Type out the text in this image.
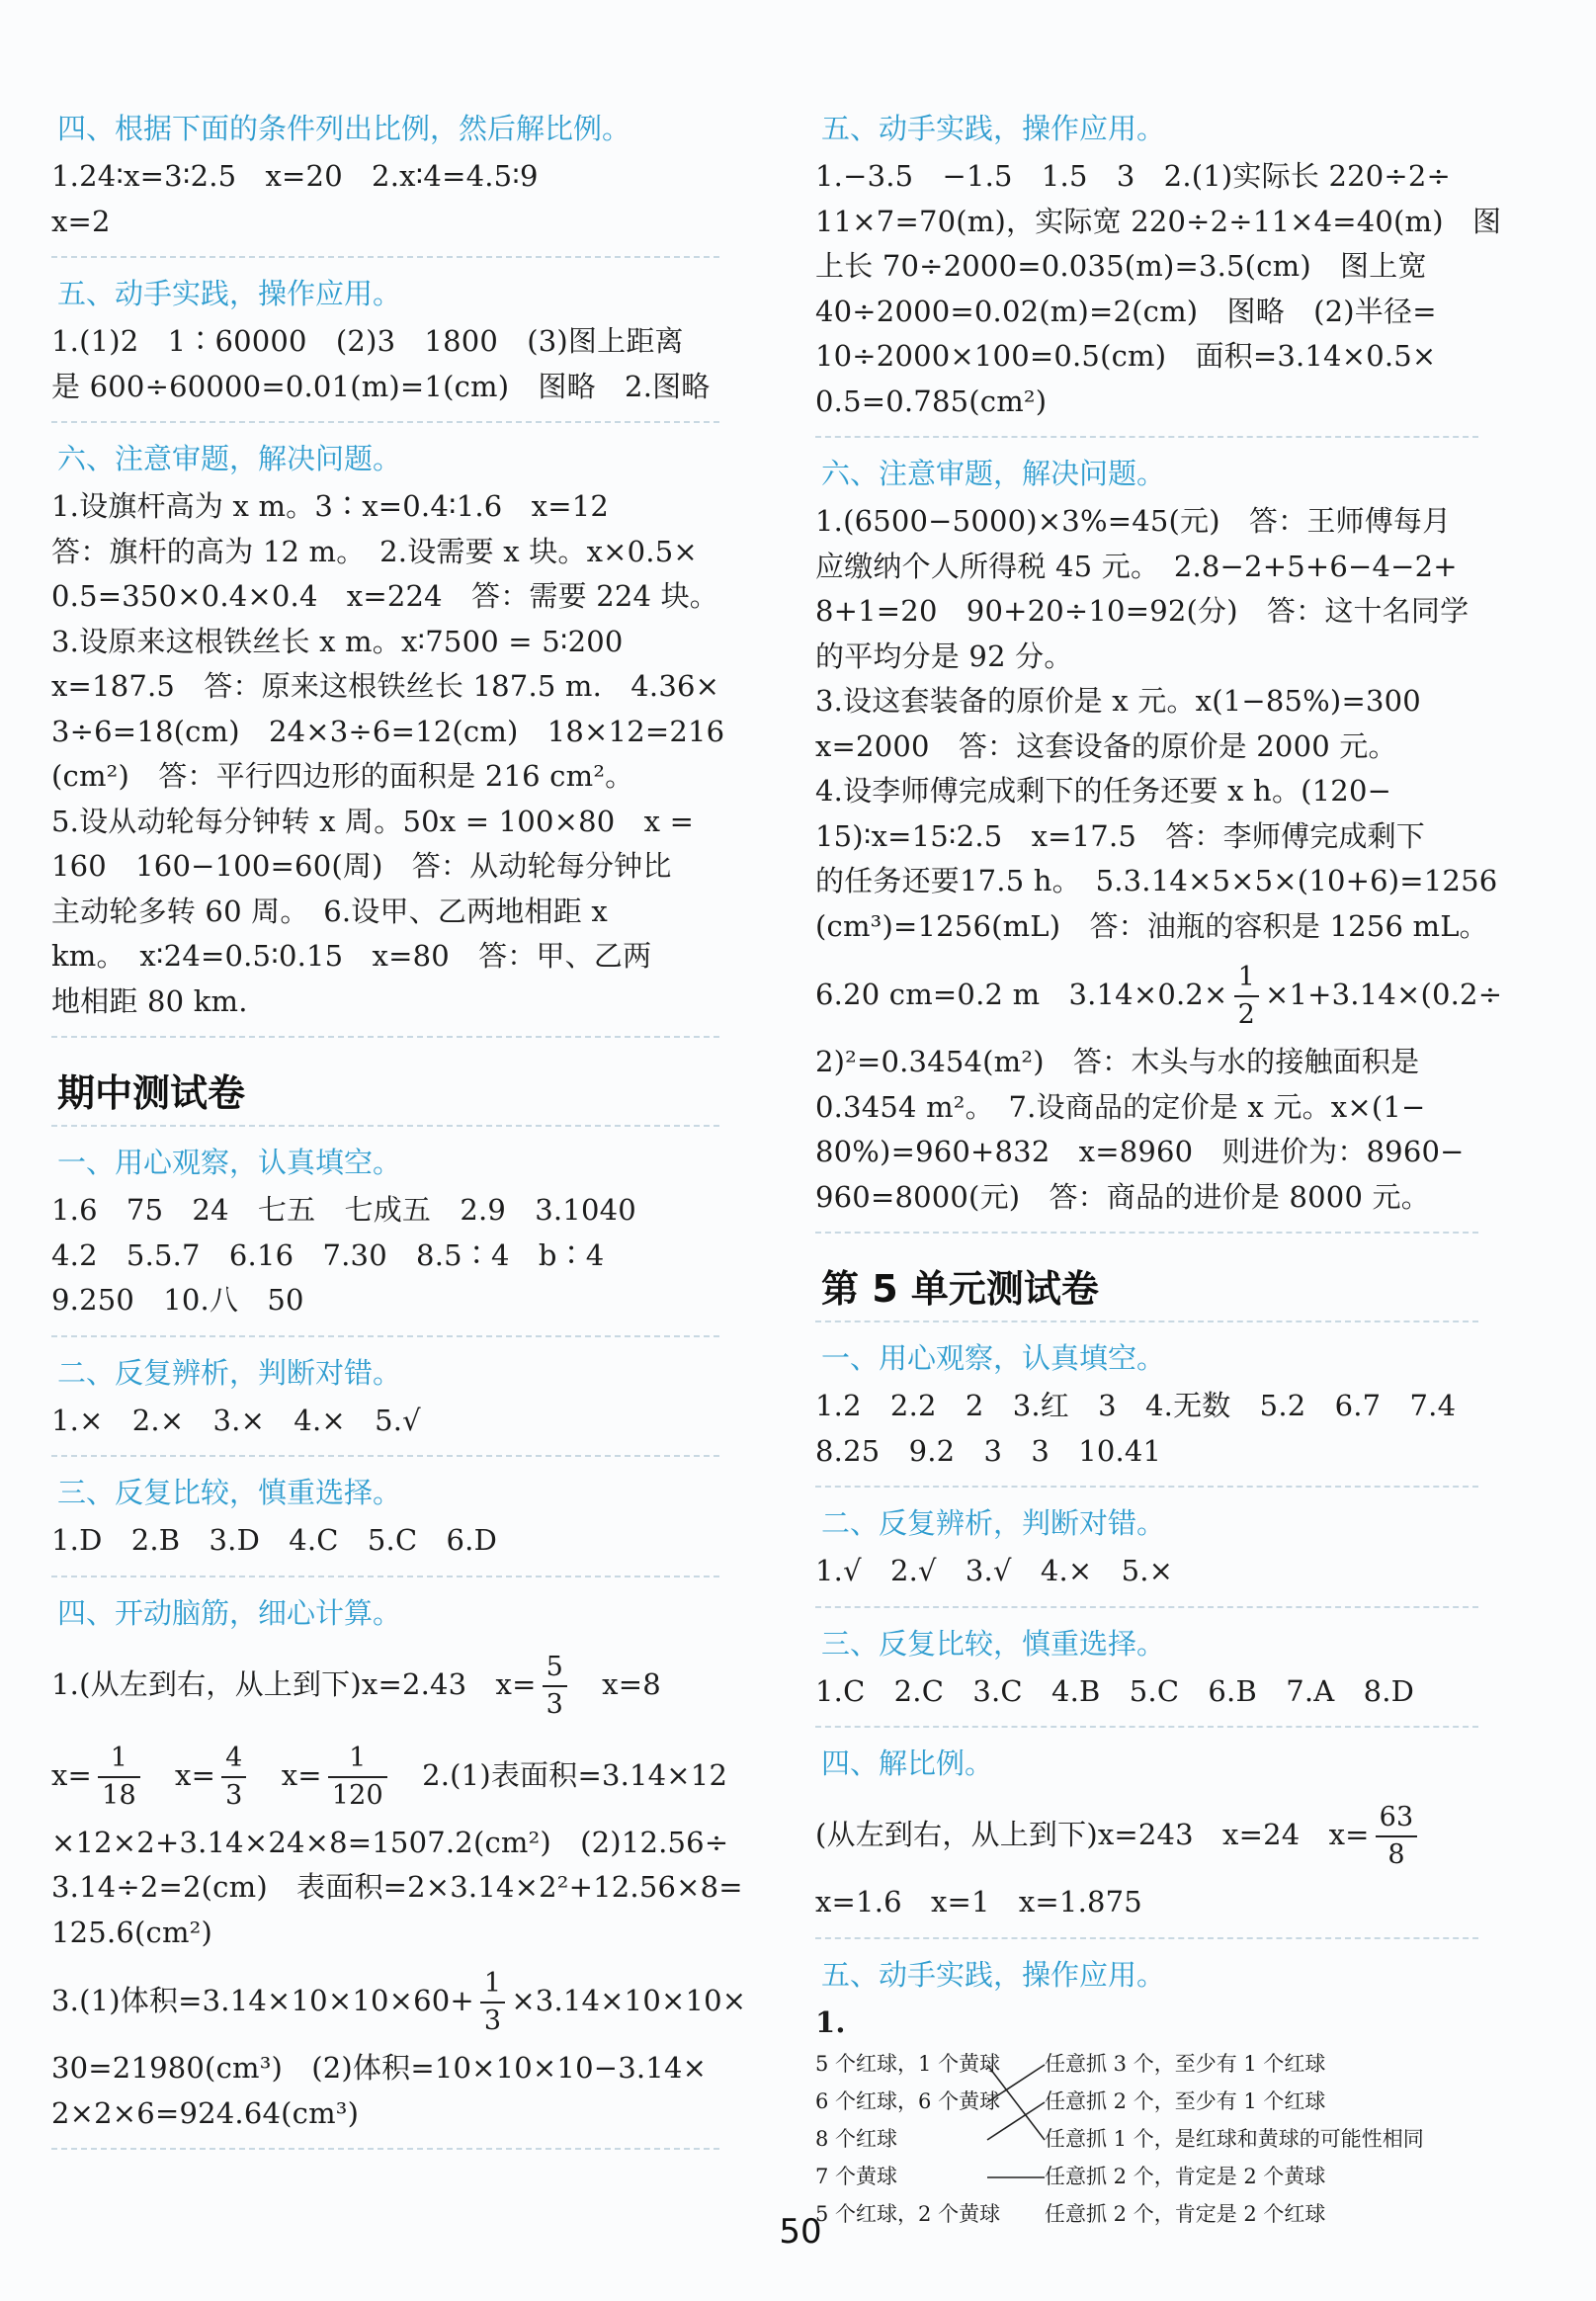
四、根据下面的条件列出比例，然后解比例。
1.24∶x=3∶2.5　x=20　2.x∶4=4.5∶9
x=2
五、动手实践，操作应用。
1.(1)2　1∶60000　(2)3　1800　(3)图上距离
是 600÷60000=0.01(m)=1(cm)　图略　2.图略
六、注意审题，解决问题。
1.设旗杆高为 x m。3∶x=0.4∶1.6　x=12
答：旗杆的高为 12 m。　2.设需要 x 块。x×0.5×
0.5=350×0.4×0.4　x=224　答：需要 224 块。
3.设原来这根铁丝长 x m。x∶7500 = 5∶200
x=187.5　答：原来这根铁丝长 187.5 m.　4.36×
3÷6=18(cm)　24×3÷6=12(cm)　18×12=216
(cm²)　答：平行四边形的面积是 216 cm²。
5.设从动轮每分钟转 x 周。50x = 100×80　x =
160　160−100=60(周)　答：从动轮每分钟比
主动轮多转 60 周。　6.设甲、乙两地相距 x
km。　x∶24=0.5∶0.15　x=80　答：甲、乙两
地相距 80 km.
期中测试卷
一、用心观察，认真填空。
1.6　75　24　七五　七成五　2.9　3.1040
4.2　5.5.7　6.16　7.30　8.5∶4　b∶4
9.250　10.八　50
二、反复辨析，判断对错。
1.×　2.×　3.×　4.×　5.√
三、反复比较，慎重选择。
1.D　2.B　3.D　4.C　5.C　6.D
四、开动脑筋，细心计算。
1.(从左到右，从上到下)x=2.43　$x= \frac{5}{3}$
　 x=8
$x= \frac{1}{18}$
　 $x= \frac{4}{3}$
　 $x= \frac{1}{120}$
　 2.(1)表面积=3.14×12
×12×2+3.14×24×8=1507.2(cm²)　(2)12.56÷
3.14÷2=2(cm)　表面积=2×3.14×2²+12.56×8=
125.6(cm²)
3.(1)体积$=3.14\times 10\times 10\times 60+ \frac{1}{3} \times 3.14\times 10\times 10\times$
30=21980(cm³)　(2)体积=10×10×10−3.14×
2×2×6=924.64(cm³)
五、动手实践，操作应用。
1.−3.5　−1.5　1.5　3　2.(1)实际长 220÷2÷
11×7=70(m)，实际宽 220÷2÷11×4=40(m)　图
上长 70÷2000=0.035(m)=3.5(cm)　图上宽
40÷2000=0.02(m)=2(cm)　图略　(2)半径=
10÷2000×100=0.5(cm)　面积=3.14×0.5×
0.5=0.785(cm²)
六、注意审题，解决问题。
1.(6500−5000)×3%=45(元)　答：王师傅每月
应缴纳个人所得税 45 元。　2.8−2+5+6−4−2+
8+1=20　90+20÷10=92(分)　答：这十名同学
的平均分是 92 分。
3.设这套装备的原价是 x 元。x(1−85%)=300
x=2000　答：这套设备的原价是 2000 元。
4.设李师傅完成剩下的任务还要 x h。(120−
15)∶x=15∶2.5　x=17.5　答：李师傅完成剩下
的任务还要17.5 h。　5.3.14×5×5×(10+6)=1256
(cm³)=1256(mL)　答：油瓶的容积是 1256 mL。
6.20 cm=0.2 m　$3.14\times 0.2\times \frac{1}{2} \times 1+3.14\times(0.2\div$
2)²=0.3454(m²)　答：木头与水的接触面积是
0.3454 m²。　7.设商品的定价是 x 元。x×(1−
80%)=960+832　x=8960　则进价为：8960−
960=8000(元)　答：商品的进价是 8000 元。
第 5 单元测试卷
一、用心观察，认真填空。
1.2　2.2　2　3.红　3　4.无数　5.2　6.7　7.4
8.25　9.2　3　3　10.41
二、反复辨析，判断对错。
1.√　2.√　3.√　4.×　5.×
三、反复比较，慎重选择。
1.C　2.C　3.C　4.B　5.C　6.B　7.A　8.D
四、解比例。
(从左到右，从上到下)x=243　x=24　$x= \frac{63}{8}$
x=1.6　x=1　x=1.875
五、动手实践，操作应用。
1.
5 个红球，1 个黄球
6 个红球，6 个黄球
8 个红球
7 个黄球
5 个红球，2 个黄球
任意抓 3 个，至少有 1 个红球
任意抓 2 个，至少有 1 个红球
任意抓 1 个，是红球和黄球的可能性相同
任意抓 2 个，肯定是 2 个黄球
任意抓 2 个，肯定是 2 个红球
50
